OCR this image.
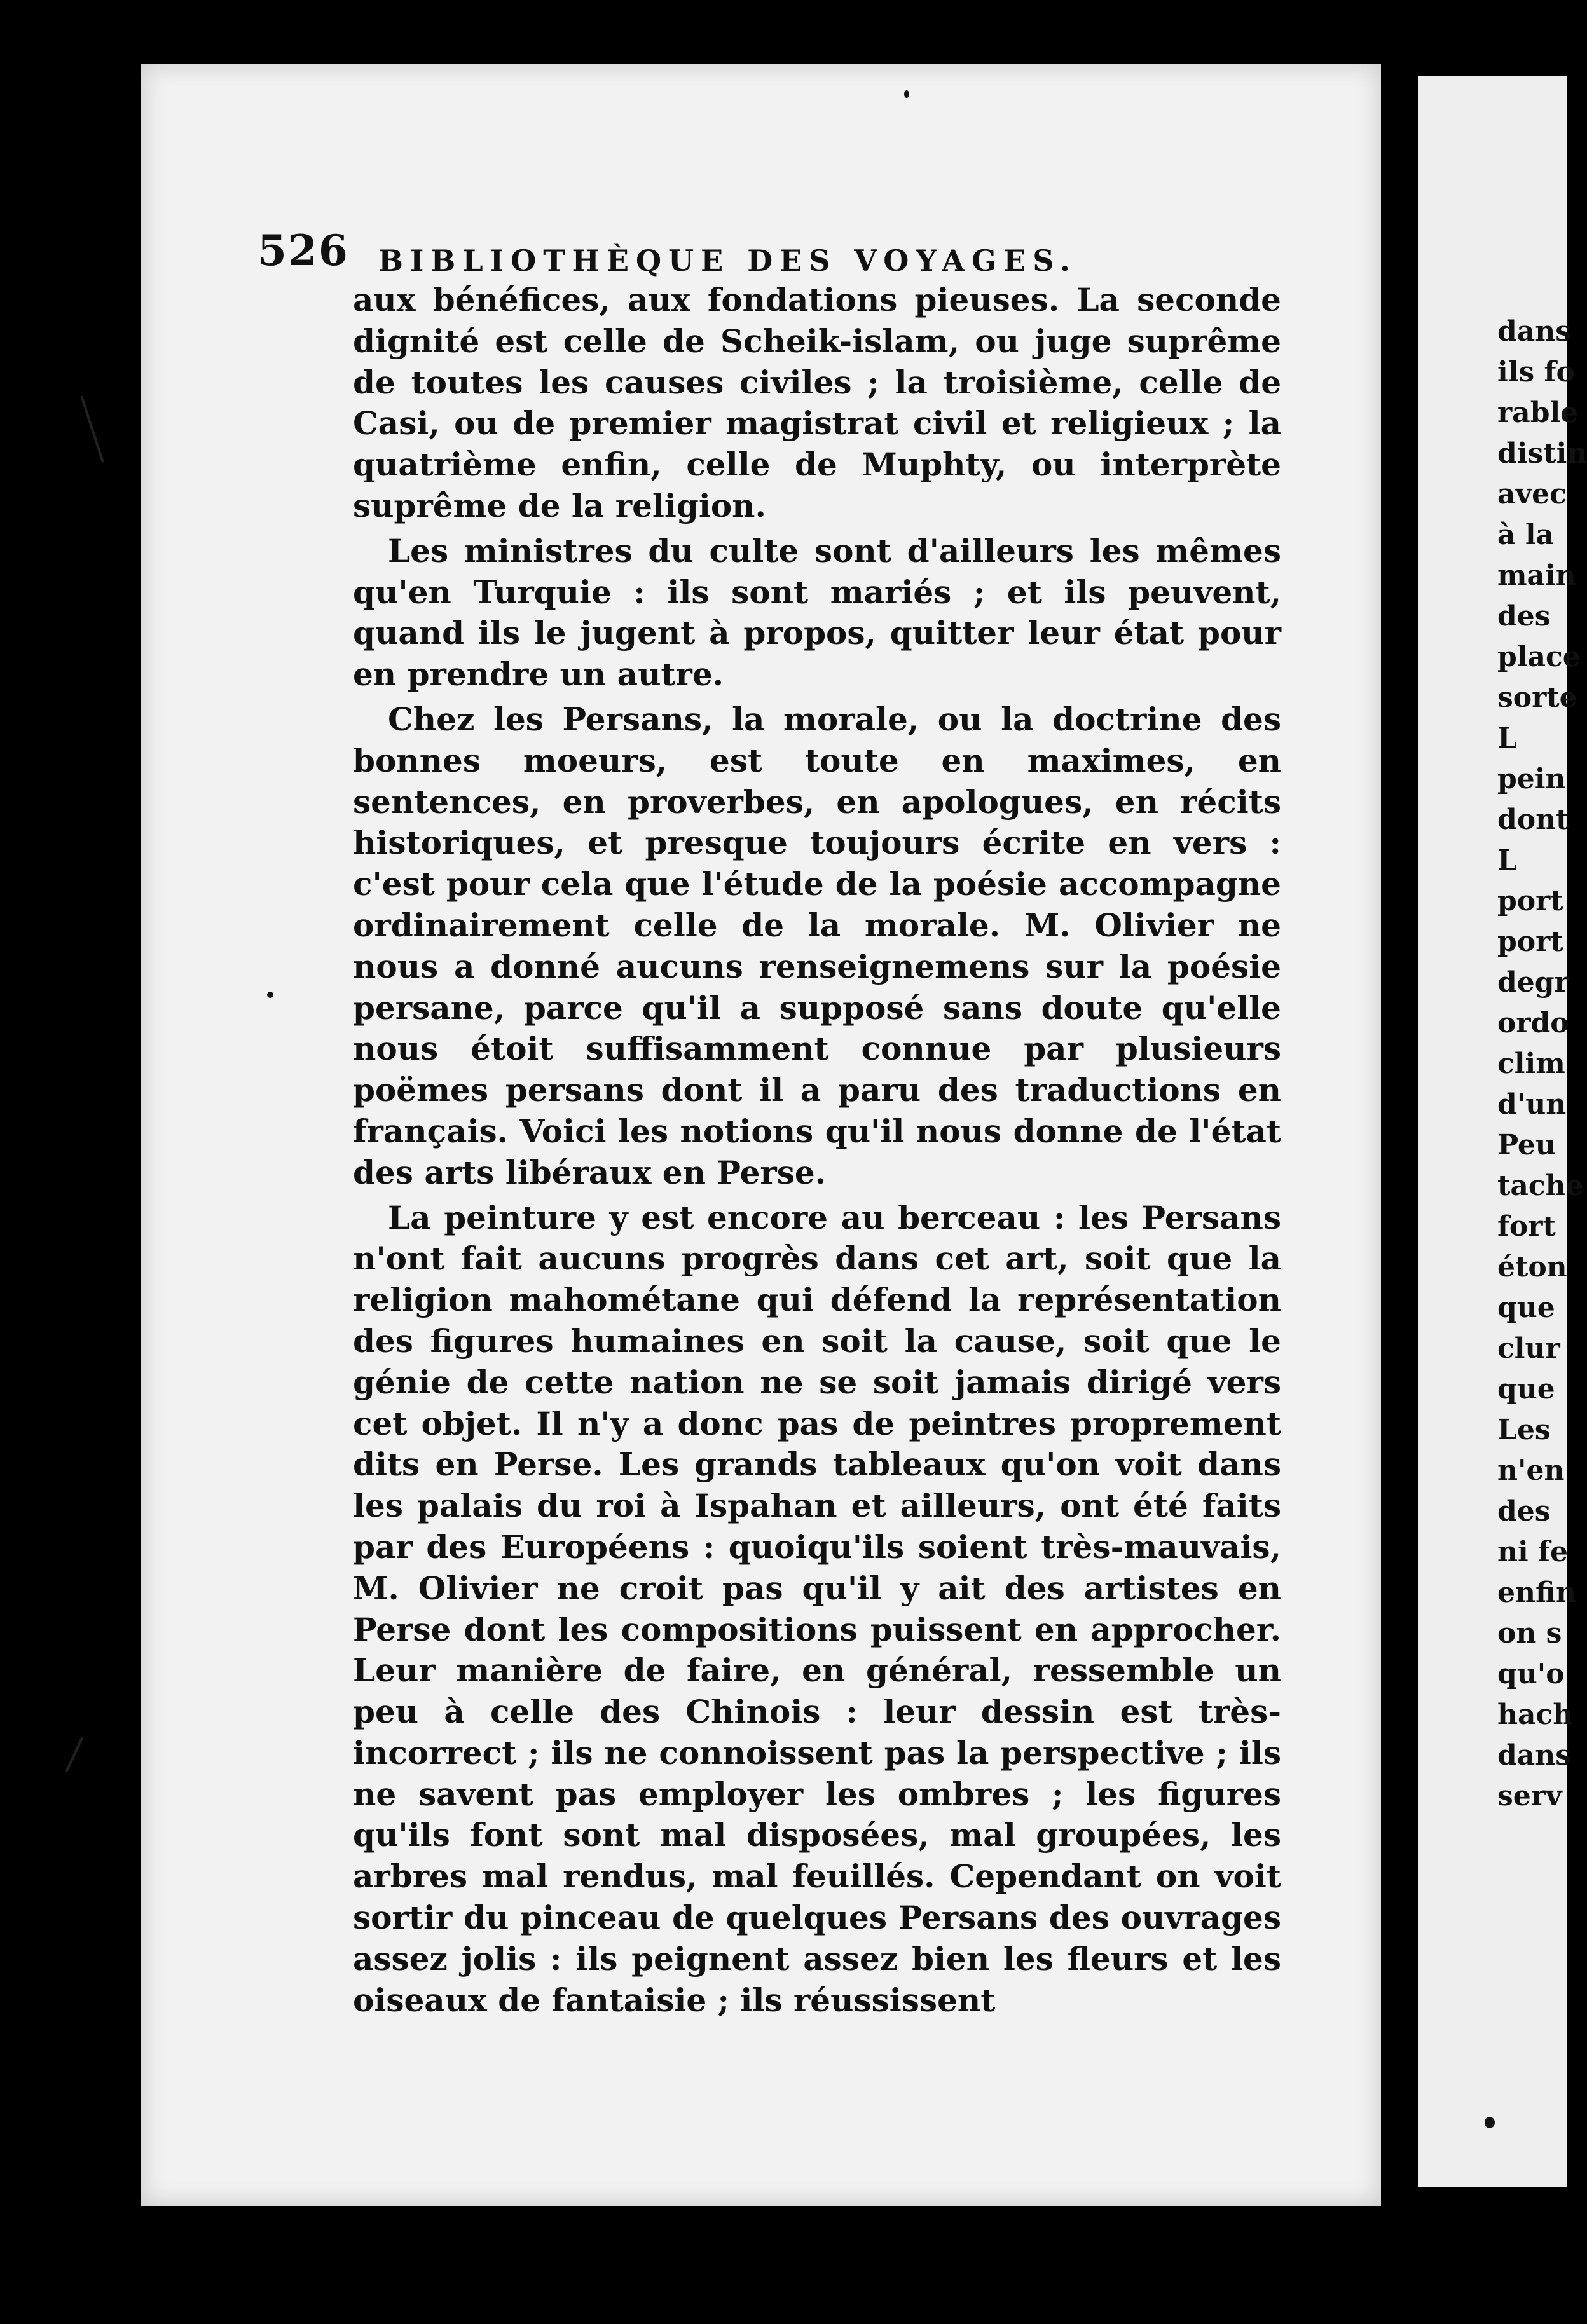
526 BIBLIOTHÈQUE DES VOYAGES.

aux bénéfices, aux fondations pieuses. La seconde dignité est celle de Scheik-islam, ou juge suprême de toutes les causes civiles ; la troisième, celle de Casi, ou de premier magistrat civil et religieux ; la quatrième enfin, celle de Muphty, ou interprète suprême de la religion.

Les ministres du culte sont d'ailleurs les mêmes qu'en Turquie : ils sont mariés ; et ils peuvent, quand ils le jugent à propos, quitter leur état pour en prendre un autre.

Chez les Persans, la morale, ou la doctrine des bonnes moeurs, est toute en maximes, en sentences, en proverbes, en apologues, en récits historiques, et presque toujours écrite en vers : c'est pour cela que l'étude de la poésie accompagne ordinairement celle de la morale. M. Olivier ne nous a donné aucuns renseignemens sur la poésie persane, parce qu'il a supposé sans doute qu'elle nous étoit suffisamment connue par plusieurs poëmes persans dont il a paru des traductions en français. Voici les notions qu'il nous donne de l'état des arts libéraux en Perse.

La peinture y est encore au berceau : les Persans n'ont fait aucuns progrès dans cet art, soit que la religion mahométane qui défend la représentation des figures humaines en soit la cause, soit que le génie de cette nation ne se soit jamais dirigé vers cet objet. Il n'y a donc pas de peintres proprement dits en Perse. Les grands tableaux qu'on voit dans les palais du roi à Ispahan et ailleurs, ont été faits par des Européens : quoiqu'ils soient très-mauvais, M. Olivier ne croit pas qu'il y ait des artistes en Perse dont les compositions puissent en approcher. Leur manière de faire, en général, ressemble un peu à celle des Chinois : leur dessin est très-incorrect ; ils ne connoissent pas la perspective ; ils ne savent pas employer les ombres ; les figures qu'ils font sont mal disposées, mal groupées, les arbres mal rendus, mal feuillés. Cependant on voit sortir du pinceau de quelques Persans des ouvrages assez jolis : ils peignent assez bien les fleurs et les oiseaux de fantaisie ; ils réussissent

dans
ils fo
rable
distin
avec
à la
main
des
place
sorte
L
pein
dont
L
port
port
degr
ordo
clim
d'un
Peu
tache
fort
éton
que
clur
que
Les
n'en
des
ni fe
enfin
on s
qu'o
hach
dans
serv
